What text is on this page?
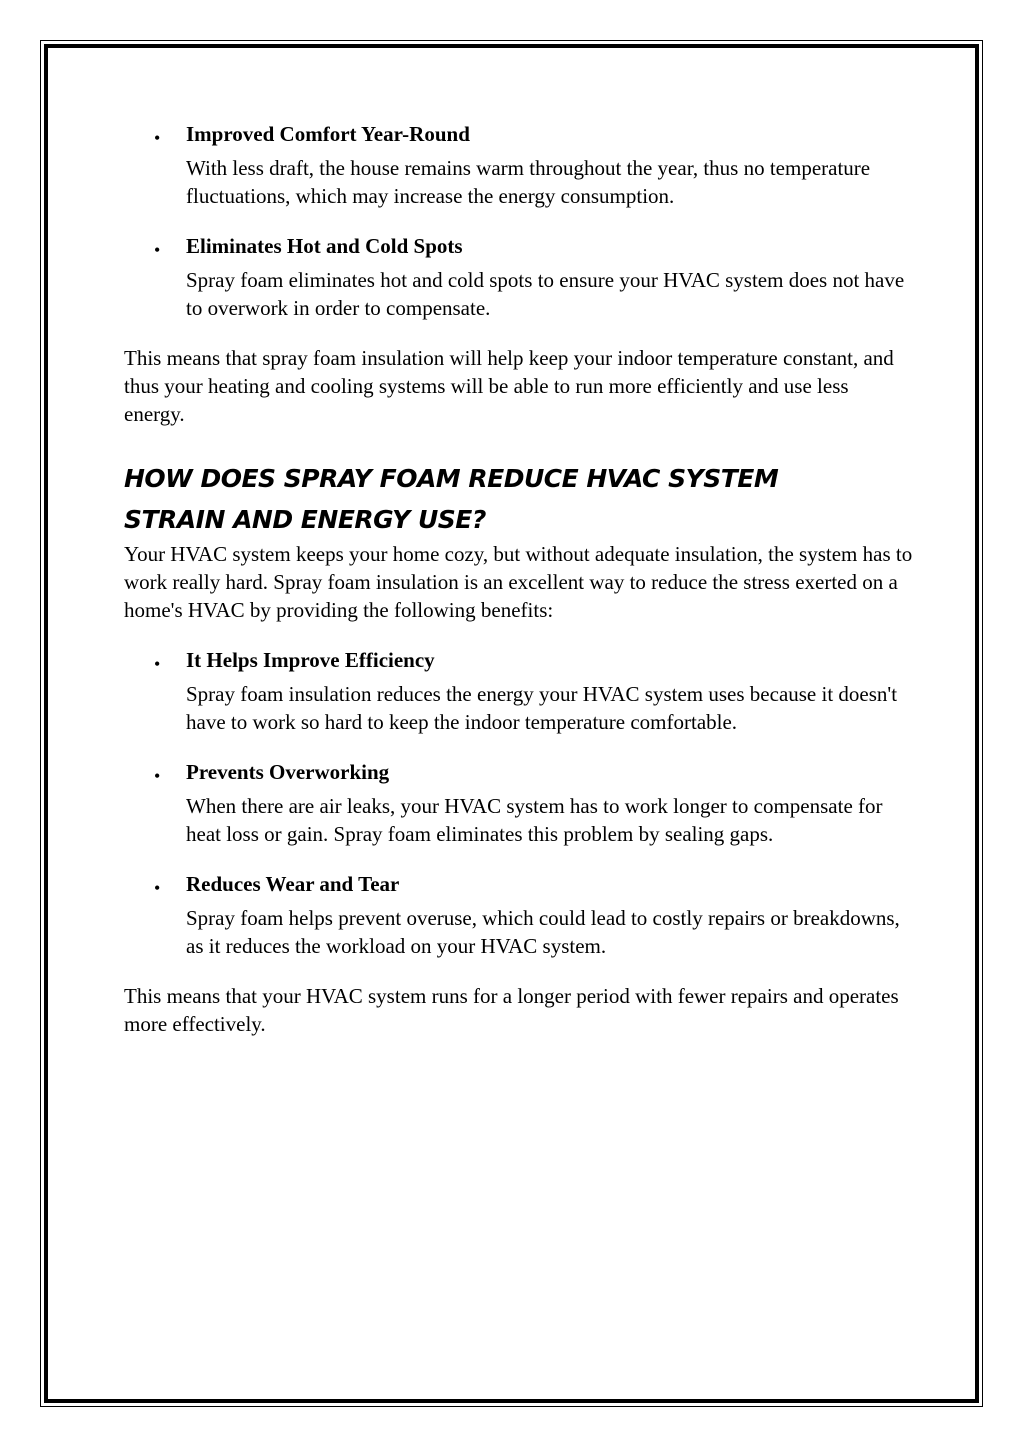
• Improved Comfort Year-Round

With less draft, the house remains warm throughout the year, thus no temperature fluctuations, which may increase the energy consumption.

• Eliminates Hot and Cold Spots

Spray foam eliminates hot and cold spots to ensure your HVAC system does not have to overwork in order to compensate.

This means that spray foam insulation will help keep your indoor temperature constant, and thus your heating and cooling systems will be able to run more efficiently and use less energy.

HOW DOES SPRAY FOAM REDUCE HVAC SYSTEM
STRAIN AND ENERGY USE?

Your HVAC system keeps your home cozy, but without adequate insulation, the system has to work really hard. Spray foam insulation is an excellent way to reduce the stress exerted on a home's HVAC by providing the following benefits:

• It Helps Improve Efficiency

Spray foam insulation reduces the energy your HVAC system uses because it doesn't have to work so hard to keep the indoor temperature comfortable.

• Prevents Overworking

When there are air leaks, your HVAC system has to work longer to compensate for heat loss or gain. Spray foam eliminates this problem by sealing gaps.

• Reduces Wear and Tear

Spray foam helps prevent overuse, which could lead to costly repairs or breakdowns, as it reduces the workload on your HVAC system.

This means that your HVAC system runs for a longer period with fewer repairs and operates more effectively.
